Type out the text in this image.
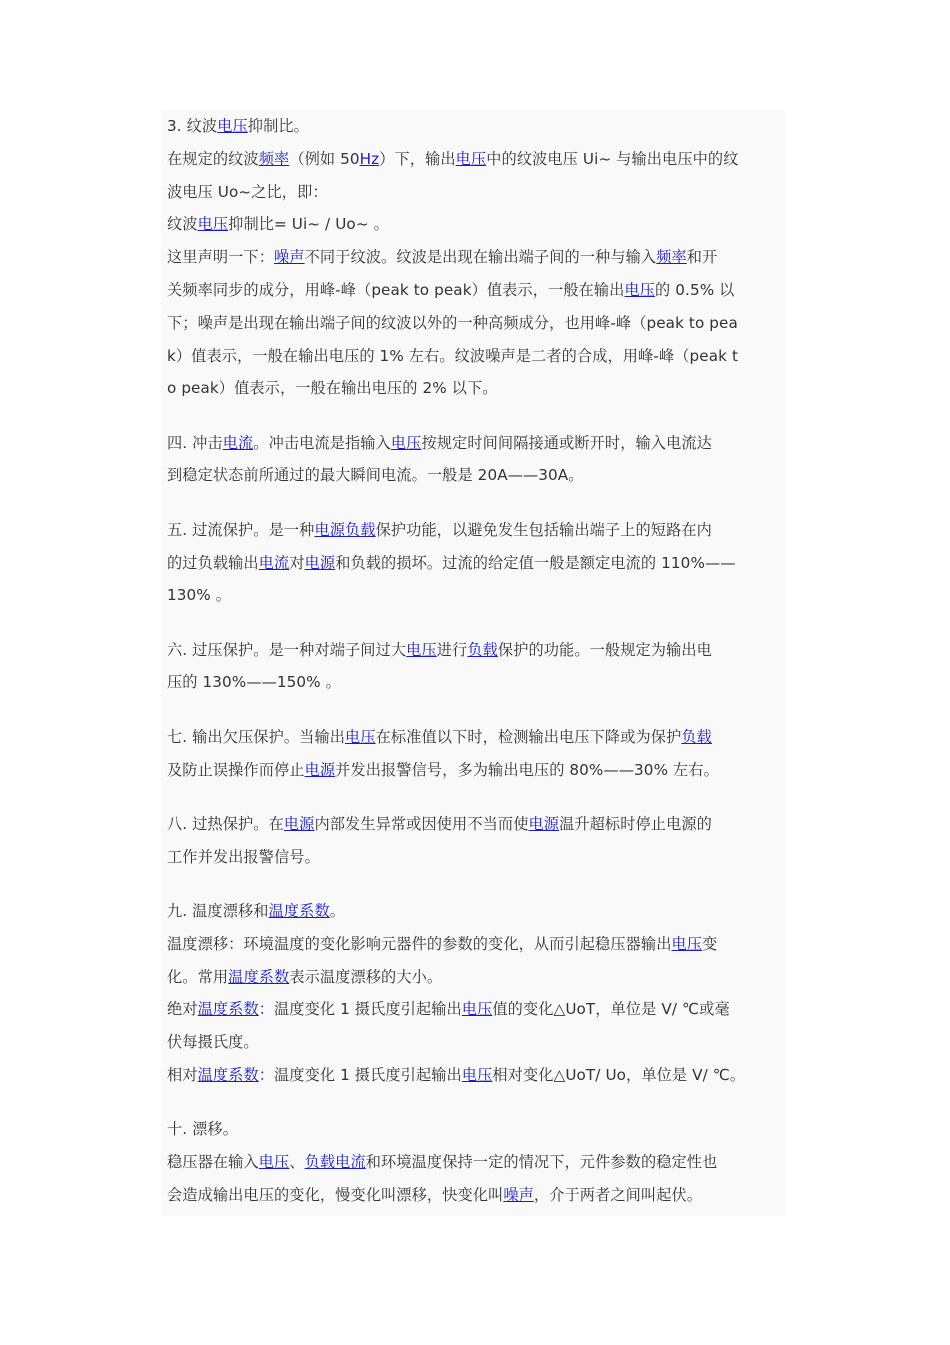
3. 纹波电压抑制比。
在规定的纹波频率（例如 50Hz）下，输出电压中的纹波电压 Ui~ 与输出电压中的纹
波电压 Uo~之比，即：
纹波电压抑制比= Ui~ / Uo~ 。
这里声明一下：噪声不同于纹波。纹波是出现在输出端子间的一种与输入频率和开
关频率同步的成分，用峰-峰（peak to peak）值表示，一般在输出电压的 0.5% 以
下；噪声是出现在输出端子间的纹波以外的一种高频成分，也用峰-峰（peak to pea
k）值表示，一般在输出电压的 1% 左右。纹波噪声是二者的合成，用峰-峰（peak t
o peak）值表示，一般在输出电压的 2% 以下。
四. 冲击电流。冲击电流是指输入电压按规定时间间隔接通或断开时，输入电流达
到稳定状态前所通过的最大瞬间电流。一般是 20A——30A。
五. 过流保护。是一种电源负载保护功能，以避免发生包括输出端子上的短路在内
的过负载输出电流对电源和负载的损坏。过流的给定值一般是额定电流的 110%——
130% 。
六. 过压保护。是一种对端子间过大电压进行负载保护的功能。一般规定为输出电
压的 130%——150% 。
七. 输出欠压保护。当输出电压在标准值以下时，检测输出电压下降或为保护负载
及防止误操作而停止电源并发出报警信号，多为输出电压的 80%——30% 左右。
八. 过热保护。在电源内部发生异常或因使用不当而使电源温升超标时停止电源的
工作并发出报警信号。
九. 温度漂移和温度系数。
温度漂移：环境温度的变化影响元器件的参数的变化，从而引起稳压器输出电压变
化。常用温度系数表示温度漂移的大小。
绝对温度系数：温度变化 1 摄氏度引起输出电压值的变化△UoT，单位是 V/ ℃或毫
伏每摄氏度。
相对温度系数：温度变化 1 摄氏度引起输出电压相对变化△UoT/ Uo，单位是 V/ ℃。
十. 漂移。
稳压器在输入电压、负载电流和环境温度保持一定的情况下，元件参数的稳定性也
会造成输出电压的变化，慢变化叫漂移，快变化叫噪声，介于两者之间叫起伏。
